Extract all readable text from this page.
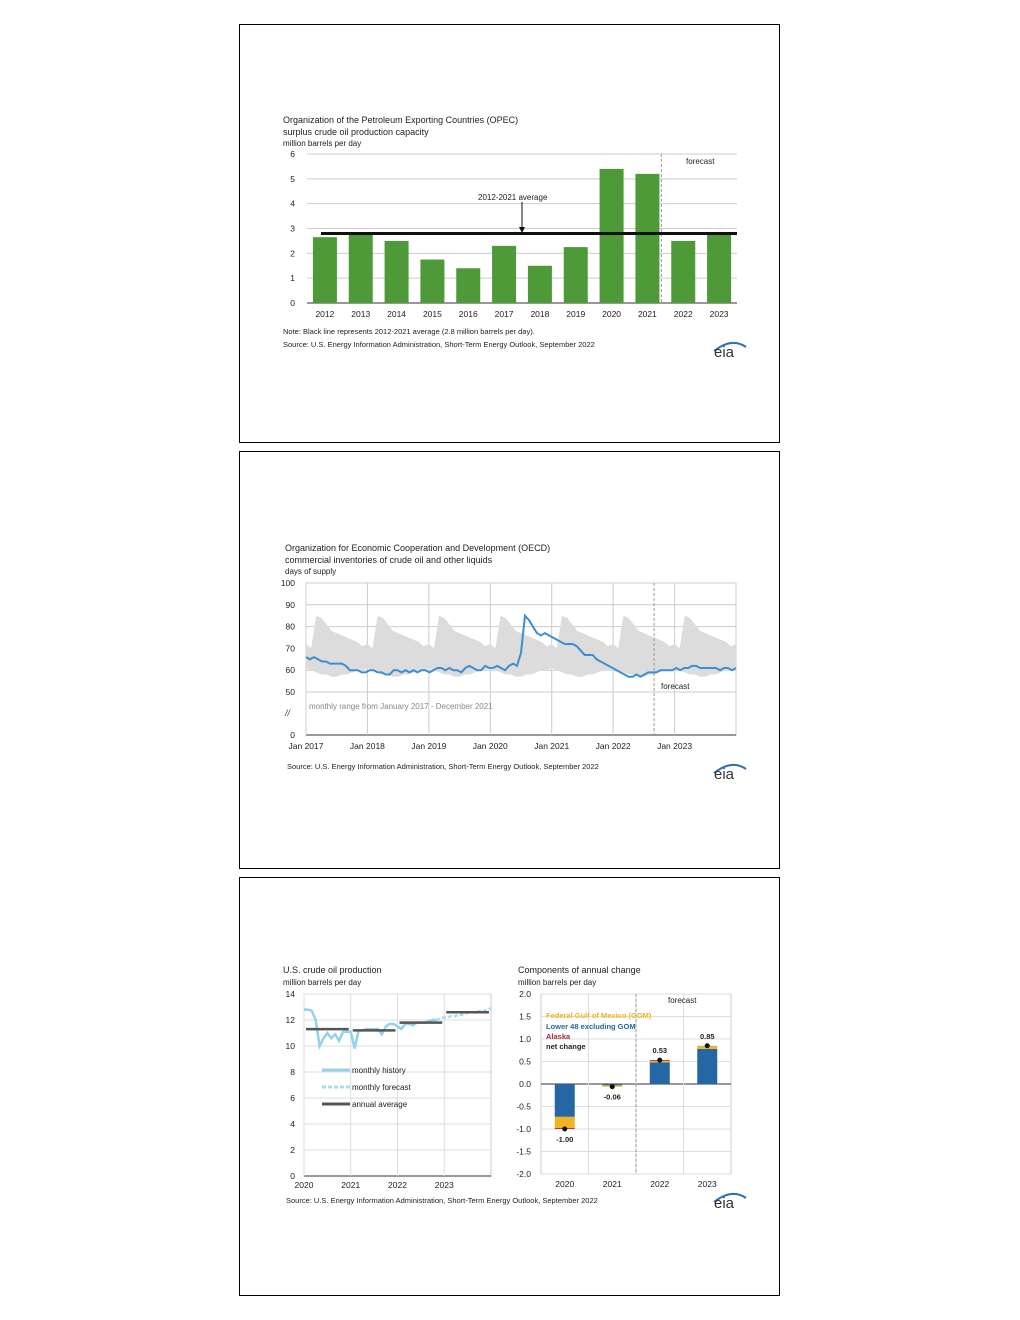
Organization of the Petroleum Exporting Countries (OPEC)
surplus crude oil production capacity
million barrels per day
0
1
2
3
4
5
6
2012 2013 2014 2015 2016 2017 2018 2019 2020 2021 2022 2023
forecast
2012-2021 average
Note: Black line represents 2012-2021 average (2.8 million barrels per day).
Source: U.S. Energy Information Administration, Short-Term Energy Outlook, September 2022	eia
Organization for Economic Cooperation and Development (OECD)
commercial inventories of crude oil and other liquids
days of supply
0
50
60
70
80
90
100
Jan 2017	Jan 2018	Jan 2019	Jan 2020	Jan 2021	Jan 2022	Jan 2023
forecast
monthly range from January 2017 - December 2021
//
Source: U.S. Energy Information Administration, Short-Term Energy Outlook, September 2022	eia
U.S. crude oil production
million barrels per day
0
2
4
6
8
10
12
14
2020	2021	2022	2023
monthly history
monthly forecast
annual average
Components of annual change
million barrels per day
-2.0
-1.5
-1.0
-0.5
0.0
0.5
1.0
1.5
2.0
2020	2021	2022	2023
-1.00
-0.06
0.53
0.85
forecast
Federal Gulf of Mexico (GOM)
Lower 48 excluding GOM
Alaska
net change
Source: U.S. Energy Information Administration, Short-Term Energy Outlook, September 2022	eia
